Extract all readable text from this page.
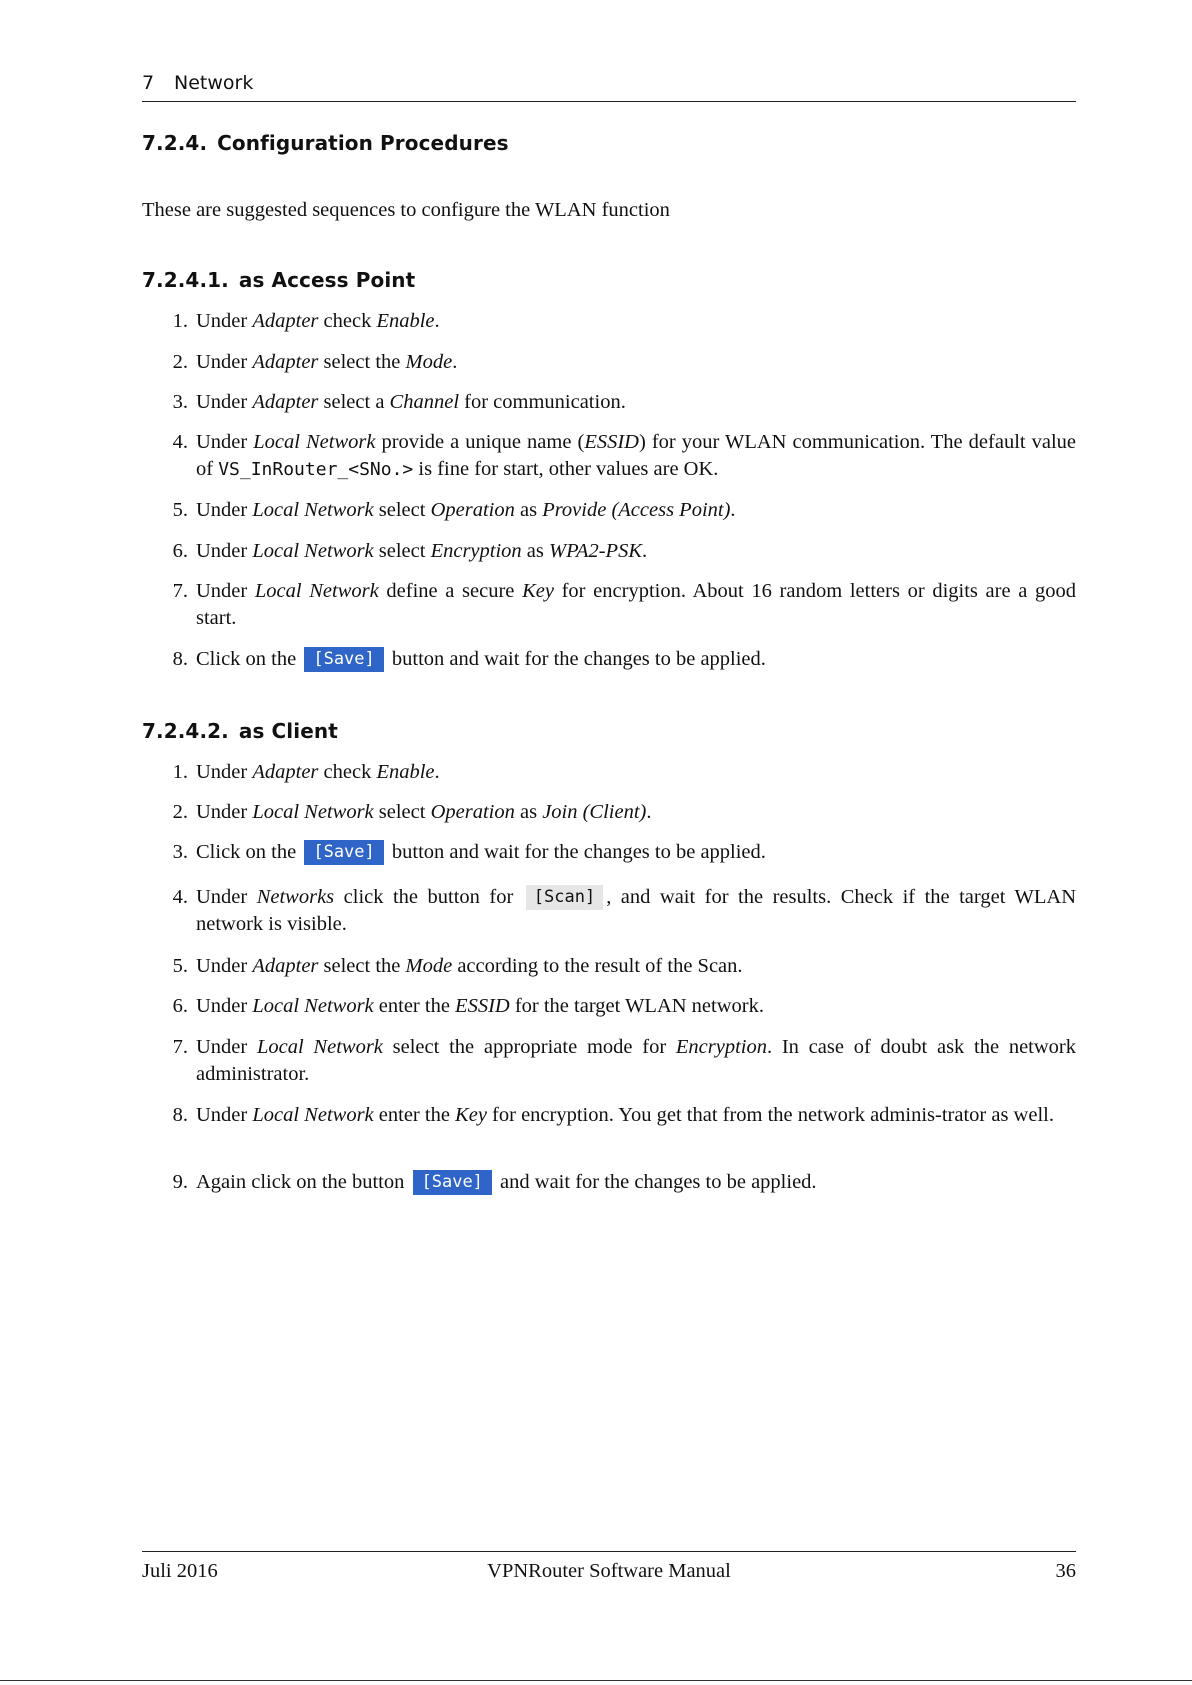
7 Network
7.2.4. Configuration Procedures
These are suggested sequences to configure the WLAN function
7.2.4.1. as Access Point
1. Under Adapter check Enable.
2. Under Adapter select the Mode.
3. Under Adapter select a Channel for communication.
4. Under Local Network provide a unique name (ESSID) for your WLAN communication. The default value of VS_InRouter_<SNo.> is fine for start, other values are OK.
5. Under Local Network select Operation as Provide (Access Point).
6. Under Local Network select Encryption as WPA2-PSK.
7. Under Local Network define a secure Key for encryption. About 16 random letters or digits are a good start.
8. Click on the [Save] button and wait for the changes to be applied.
7.2.4.2. as Client
1. Under Adapter check Enable.
2. Under Local Network select Operation as Join (Client).
3. Click on the [Save] button and wait for the changes to be applied.
4. Under Networks click the button for [Scan] , and wait for the results. Check if the target WLAN network is visible.
5. Under Adapter select the Mode according to the result of the Scan.
6. Under Local Network enter the ESSID for the target WLAN network.
7. Under Local Network select the appropriate mode for Encryption. In case of doubt ask the network administrator.
8. Under Local Network enter the Key for encryption. You get that from the network adminis-trator as well.
9. Again click on the button [Save] and wait for the changes to be applied.
Juli 2016	VPNRouter Software Manual	36
